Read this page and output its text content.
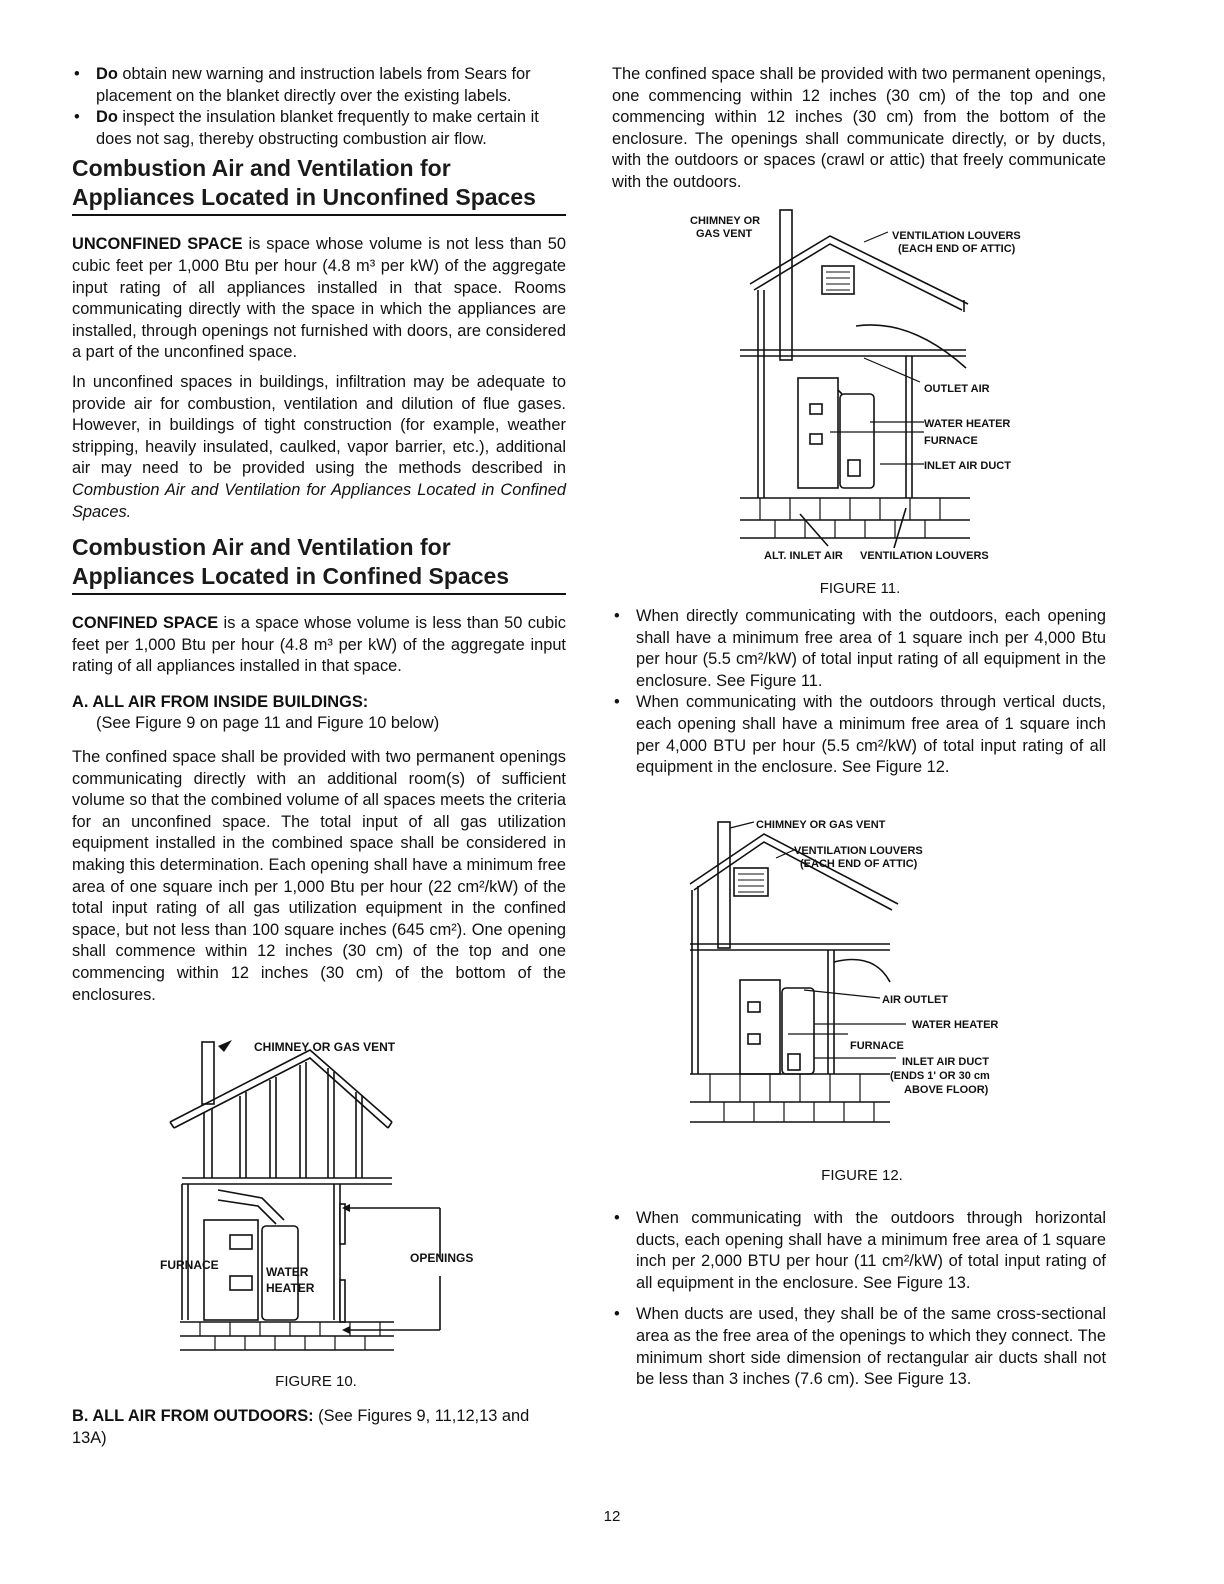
• Do obtain new warning and instruction labels from Sears for placement on the blanket directly over the existing labels.
• Do inspect the insulation blanket frequently to make certain it does not sag, thereby obstructing combustion air flow.
Combustion Air and Ventilation for Appliances Located in Unconfined Spaces

UNCONFINED SPACE is space whose volume is not less than 50 cubic feet per 1,000 Btu per hour (4.8 m³ per kW) of the aggregate input rating of all appliances installed in that space. Rooms communicating directly with the space in which the appliances are installed, through openings not furnished with doors, are considered a part of the unconfined space.

In unconfined spaces in buildings, infiltration may be adequate to provide air for combustion, ventilation and dilution of flue gases. However, in buildings of tight construction (for example, weather stripping, heavily insulated, caulked, vapor barrier, etc.), additional air may need to be provided using the methods described in Combustion Air and Ventilation for Appliances Located in Confined Spaces.

Combustion Air and Ventilation for Appliances Located in Confined Spaces

CONFINED SPACE is a space whose volume is less than 50 cubic feet per 1,000 Btu per hour (4.8 m³ per kW) of the aggregate input rating of all appliances installed in that space.

A. ALL AIR FROM INSIDE BUILDINGS:

(See Figure 9 on page 11 and Figure 10 below)

The confined space shall be provided with two permanent openings communicating directly with an additional room(s) of sufficient volume so that the combined volume of all spaces meets the criteria for an unconfined space. The total input of all gas utilization equipment installed in the combined space shall be considered in making this determination. Each opening shall have a minimum free area of one square inch per 1,000 Btu per hour (22 cm²/kW) of the total input rating of all gas utilization equipment in the confined space, but not less than 100 square inches (645 cm²). One opening shall commence within 12 inches (30 cm) of the top and one commencing within 12 inches (30 cm) of the bottom of the enclosures.

CHIMNEY OR GAS VENT
FURNACE	WATER
HEATER
OPENINGS
FIGURE 10.
B. ALL AIR FROM OUTDOORS: (See Figures 9, 11,12,13 and 13A)

The confined space shall be provided with two permanent openings, one commencing within 12 inches (30 cm) of the top and one commencing within 12 inches (30 cm) from the bottom of the enclosure. The openings shall communicate directly, or by ducts, with the outdoors or spaces (crawl or attic) that freely communicate with the outdoors.

CHIMNEY OR
GAS VENT	VENTILATION LOUVERS
(EACH END OF ATTIC)
OUTLET AIR
WATER HEATER
FURNACE
INLET AIR DUCT
ALT. INLET AIR VENTILATION LOUVERS
FIGURE 11.
• When directly communicating with the outdoors, each opening shall have a minimum free area of 1 square inch per 4,000 Btu per hour (5.5 cm²/kW) of total input rating of all equipment in the enclosure. See Figure 11.
• When communicating with the outdoors through vertical ducts, each opening shall have a minimum free area of 1 square inch per 4,000 BTU per hour (5.5 cm²/kW) of total input rating of all equipment in the enclosure. See Figure 12.
CHIMNEY OR GAS VENT
VENTILATION LOUVERS
(EACH END OF ATTIC)
AIR OUTLET
WATER HEATER
FURNACE
INLET AIR DUCT
(ENDS 1' OR 30 cm
ABOVE FLOOR)
FIGURE 12.
• When communicating with the outdoors through horizontal ducts, each opening shall have a minimum free area of 1 square inch per 2,000 BTU per hour (11 cm²/kW) of total input rating of all equipment in the enclosure. See Figure 13.
• When ducts are used, they shall be of the same cross-sectional area as the free area of the openings to which they connect. The minimum short side dimension of rectangular air ducts shall not be less than 3 inches (7.6 cm). See Figure 13.
12
